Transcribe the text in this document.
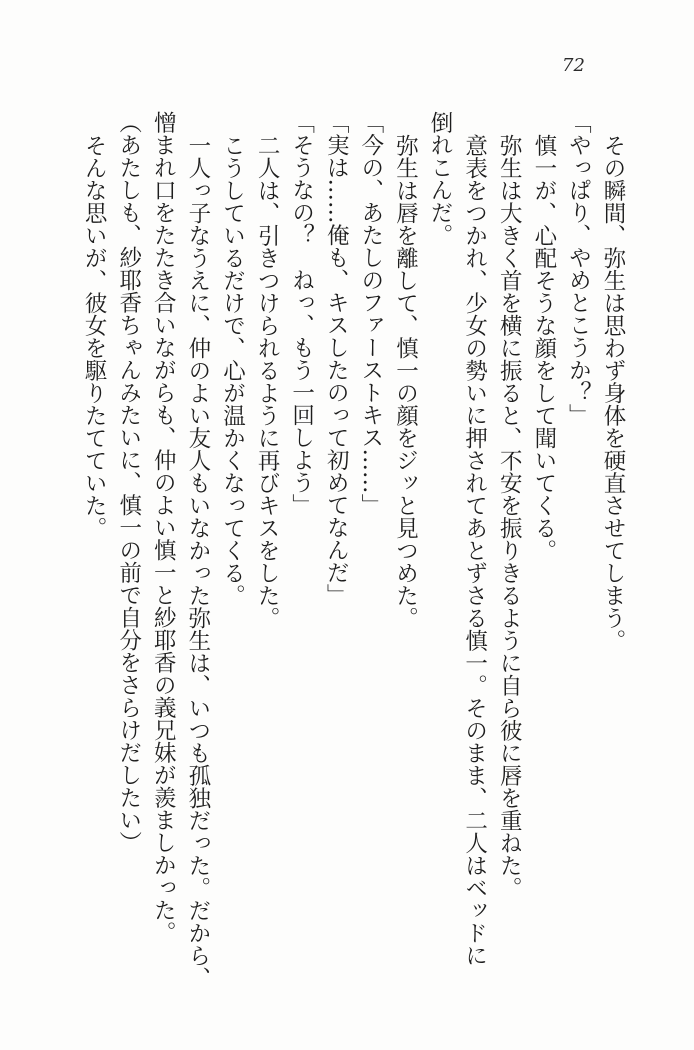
72

その瞬間、弥生は思わず身体を硬直させてしまう。

「やっぱり、やめとこうか？」

慎一が、心配そうな顔をして聞いてくる。

弥生は大きく首を横に振ると、不安を振りきるように自ら彼に唇を重ねた。

意表をつかれ、少女の勢いに押されてあとずさる慎一。そのまま、二人はベッドに

倒れこんだ。

弥生は唇を離して、慎一の顔をジッと見つめた。

「今の、あたしのファーストキス……」

「実は……俺も、キスしたのって初めてなんだ」

「そうなの？　ねっ、もう一回しよう」

二人は、引きつけられるように再びキスをした。

こうしているだけで、心が温かくなってくる。

一人っ子なうえに、仲のよい友人もいなかった弥生は、いつも孤独だった。だから、

憎まれ口をたたき合いながらも、仲のよい慎一と紗耶香の義兄妹が羨ましかった。

（あたしも、紗耶香ちゃんみたいに、慎一の前で自分をさらけだしたい）

そんな思いが、彼女を駆りたてていた。
